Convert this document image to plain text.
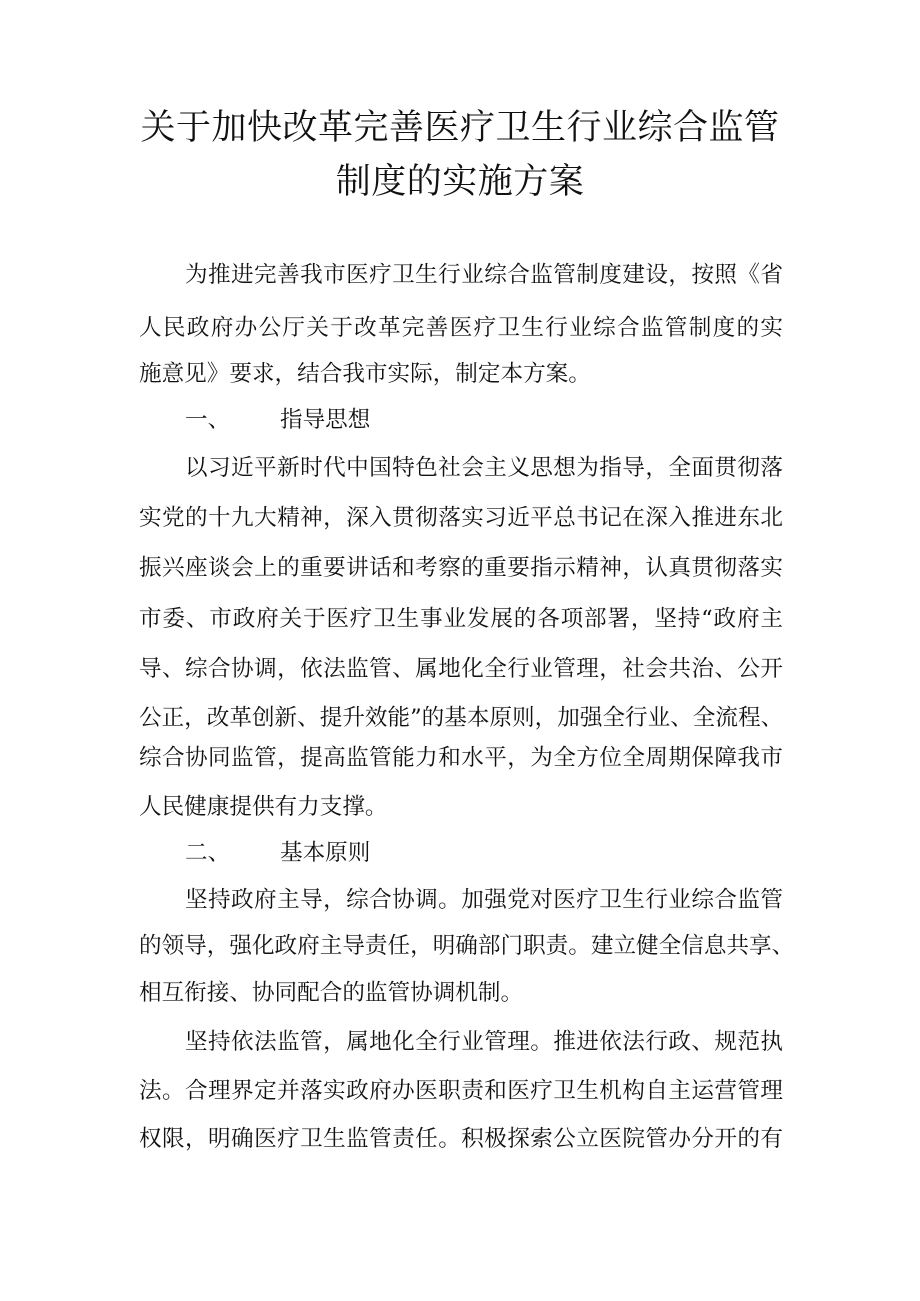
关于加快改革完善医疗卫生行业综合监管
制度的实施方案
为推进完善我市医疗卫生行业综合监管制度建设，按照《省
人民政府办公厅关于改革完善医疗卫生行业综合监管制度的实
施意见》要求，结合我市实际，制定本方案。
一、 指导思想
以习近平新时代中国特色社会主义思想为指导，全面贯彻落
实党的十九大精神，深入贯彻落实习近平总书记在深入推进东北
振兴座谈会上的重要讲话和考察的重要指示精神，认真贯彻落实
市委、市政府关于医疗卫生事业发展的各项部署，坚持“政府主
导、综合协调，依法监管、属地化全行业管理，社会共治、公开
公正，改革创新、提升效能”的基本原则，加强全行业、全流程、
综合协同监管，提高监管能力和水平，为全方位全周期保障我市
人民健康提供有力支撑。
二、 基本原则
坚持政府主导，综合协调。加强党对医疗卫生行业综合监管
的领导，强化政府主导责任，明确部门职责。建立健全信息共享、
相互衔接、协同配合的监管协调机制。
坚持依法监管，属地化全行业管理。推进依法行政、规范执
法。合理界定并落实政府办医职责和医疗卫生机构自主运营管理
权限，明确医疗卫生监管责任。积极探索公立医院管办分开的有
